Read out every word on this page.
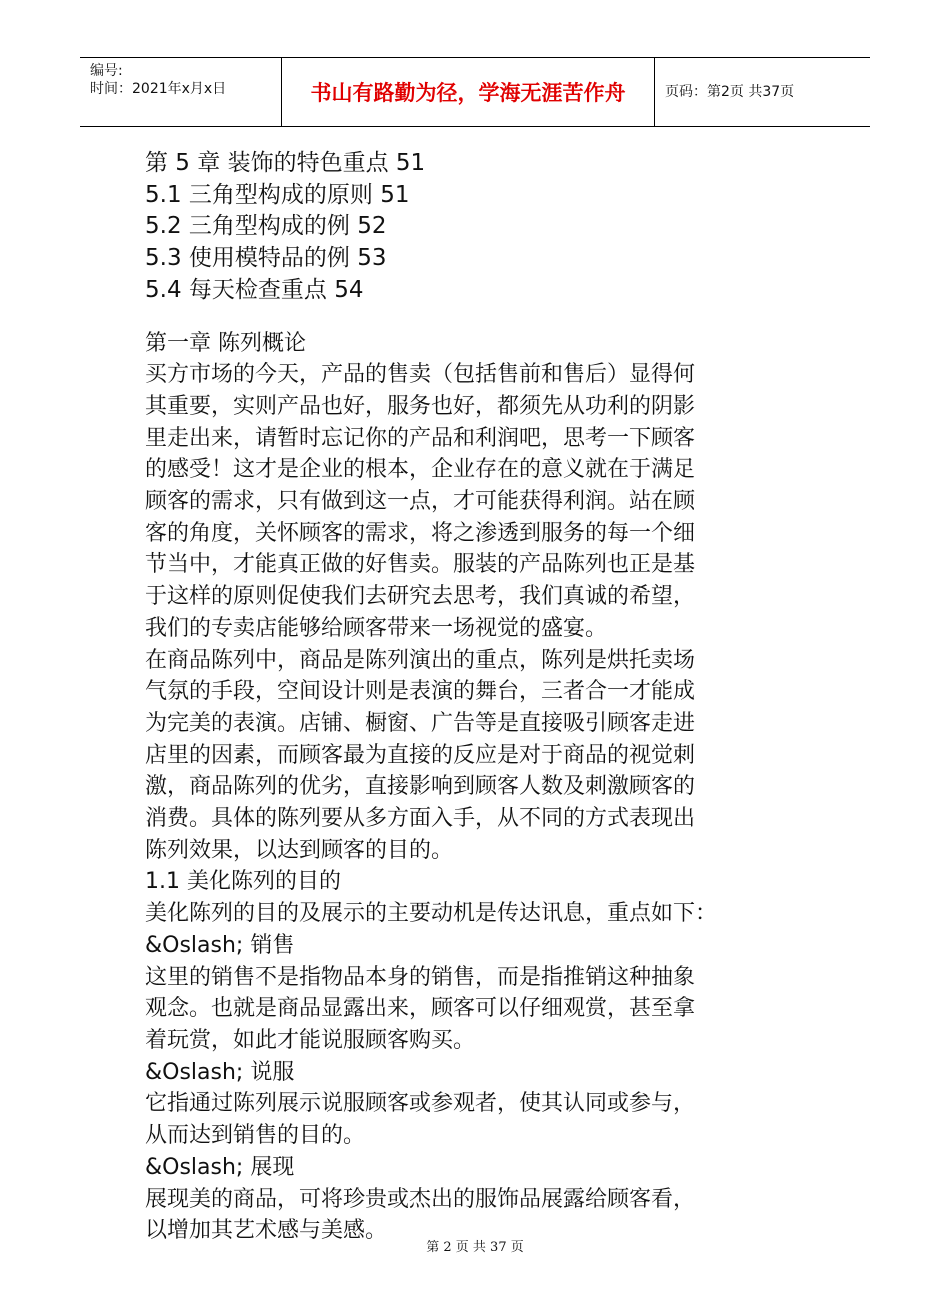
编号:
时间：2021年x月x日	书山有路勤为径，学海无涯苦作舟	页码：第2页 共37页
第 5 章 装饰的特色重点 51
5.1 三角型构成的原则 51
5.2 三角型构成的例 52
5.3 使用模特品的例 53
5.4 每天检查重点 54
第一章 陈列概论
买方市场的今天，产品的售卖（包括售前和售后）显得何
其重要，实则产品也好，服务也好，都须先从功利的阴影
里走出来，请暂时忘记你的产品和利润吧，思考一下顾客
的感受！这才是企业的根本，企业存在的意义就在于满足
顾客的需求，只有做到这一点，才可能获得利润。站在顾
客的角度，关怀顾客的需求，将之渗透到服务的每一个细
节当中，才能真正做的好售卖。服装的产品陈列也正是基
于这样的原则促使我们去研究去思考，我们真诚的希望，
我们的专卖店能够给顾客带来一场视觉的盛宴。
在商品陈列中，商品是陈列演出的重点，陈列是烘托卖场
气氛的手段，空间设计则是表演的舞台，三者合一才能成
为完美的表演。店铺、橱窗、广告等是直接吸引顾客走进
店里的因素，而顾客最为直接的反应是对于商品的视觉刺
激，商品陈列的优劣，直接影响到顾客人数及刺激顾客的
消费。具体的陈列要从多方面入手，从不同的方式表现出
陈列效果，以达到顾客的目的。
1.1 美化陈列的目的
美化陈列的目的及展示的主要动机是传达讯息，重点如下：
&Oslash; 销售
这里的销售不是指物品本身的销售，而是指推销这种抽象
观念。也就是商品显露出来，顾客可以仔细观赏，甚至拿
着玩赏，如此才能说服顾客购买。
&Oslash; 说服
它指通过陈列展示说服顾客或参观者，使其认同或参与，
从而达到销售的目的。
&Oslash; 展现
展现美的商品，可将珍贵或杰出的服饰品展露给顾客看，
以增加其艺术感与美感。
第 2 页 共 37 页
